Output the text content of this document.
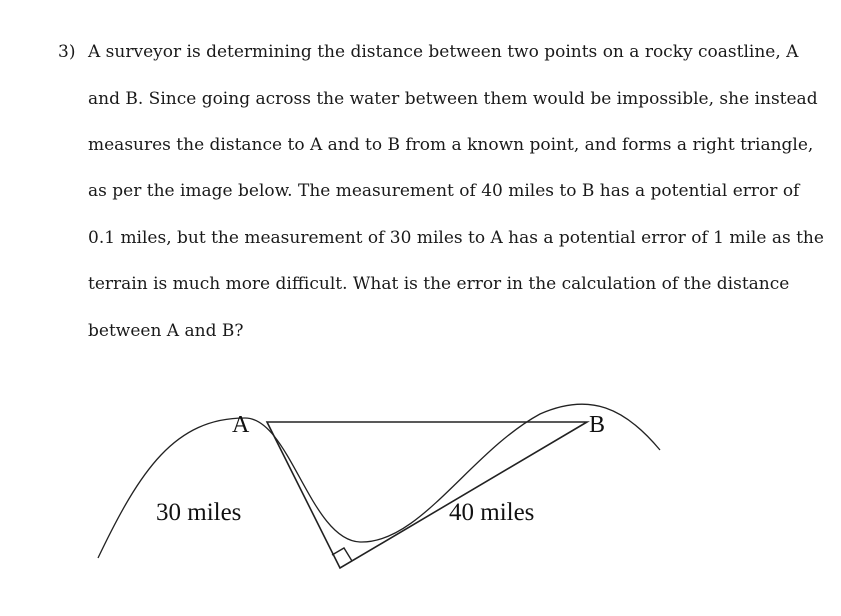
3) A surveyor is determining the distance between two points on a rocky coastline, A
and B. Since going across the water between them would be impossible, she instead
measures the distance to A and to B from a known point, and forms a right triangle,
as per the image below. The measurement of 40 miles to B has a potential error of
0.1 miles, but the measurement of 30 miles to A has a potential error of 1 mile as the
terrain is much more difficult. What is the error in the calculation of the distance
between A and B?
A	B
30 miles	40 miles
